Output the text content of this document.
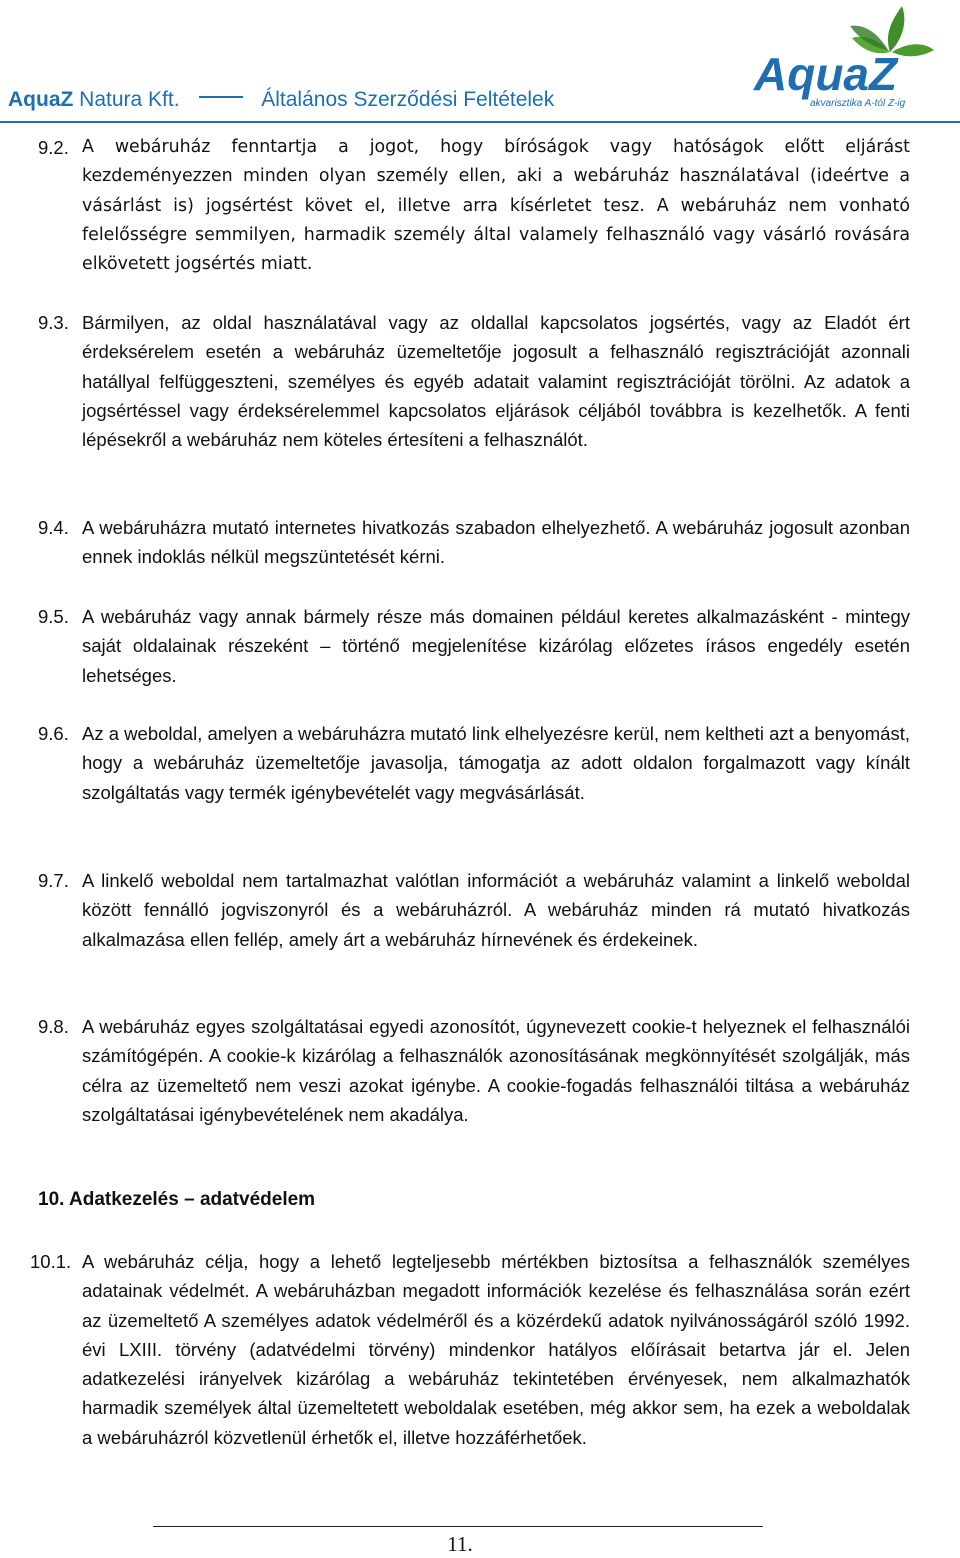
AquaZ Natura Kft.	Általános Szerződési Feltételek	AquaZ
akvarisztika A-tól Z-ig
9.2. A webáruház fenntartja a jogot, hogy bíróságok vagy hatóságok előtt eljárást kezdeményezzen minden olyan személy ellen, aki a webáruház használatával (ideértve a vásárlást is) jogsértést követ el, illetve arra kísérletet tesz. A webáruház nem vonható felelősségre semmilyen, harmadik személy által valamely felhasználó vagy vásárló rovására elkövetett jogsértés miatt.
9.3. Bármilyen, az oldal használatával vagy az oldallal kapcsolatos jogsértés, vagy az Eladót ért érdeksérelem esetén a webáruház üzemeltetője jogosult a felhasználó regisztrációját azonnali hatállyal felfüggeszteni, személyes és egyéb adatait valamint regisztrációját törölni. Az adatok a jogsértéssel vagy érdeksérelemmel kapcsolatos eljárások céljából továbbra is kezelhetők. A fenti lépésekről a webáruház nem köteles értesíteni a felhasználót.
9.4. A webáruházra mutató internetes hivatkozás szabadon elhelyezhető. A webáruház jogosult azonban ennek indoklás nélkül megszüntetését kérni.
9.5. A webáruház vagy annak bármely része más domainen például keretes alkalmazásként - mintegy saját oldalainak részeként – történő megjelenítése kizárólag előzetes írásos engedély esetén lehetséges.
9.6. Az a weboldal, amelyen a webáruházra mutató link elhelyezésre kerül, nem keltheti azt a benyomást, hogy a webáruház üzemeltetője javasolja, támogatja az adott oldalon forgalmazott vagy kínált szolgáltatás vagy termék igénybevételét vagy megvásárlását.
9.7. A linkelő weboldal nem tartalmazhat valótlan információt a webáruház valamint a linkelő weboldal között fennálló jogviszonyról és a webáruházról. A webáruház minden rá mutató hivatkozás alkalmazása ellen fellép, amely árt a webáruház hírnevének és érdekeinek.
9.8. A webáruház egyes szolgáltatásai egyedi azonosítót, úgynevezett cookie-t helyeznek el felhasználói számítógépén. A cookie-k kizárólag a felhasználók azonosításának megkönnyítését szolgálják, más célra az üzemeltető nem veszi azokat igénybe. A cookie-fogadás felhasználói tiltása a webáruház szolgáltatásai igénybevételének nem akadálya.
10. Adatkezelés – adatvédelem
10.1. A webáruház célja, hogy a lehető legteljesebb mértékben biztosítsa a felhasználók személyes adatainak védelmét. A webáruházban megadott információk kezelése és felhasználása során ezért az üzemeltető A személyes adatok védelméről és a közérdekű adatok nyilvánosságáról szóló 1992. évi LXIII. törvény (adatvédelmi törvény) mindenkor hatályos előírásait betartva jár el. Jelen adatkezelési irányelvek kizárólag a webáruház tekintetében érvényesek, nem alkalmazhatók harmadik személyek által üzemeltetett weboldalak esetében, még akkor sem, ha ezek a weboldalak a webáruházról közvetlenül érhetők el, illetve hozzáférhetőek.
11.
